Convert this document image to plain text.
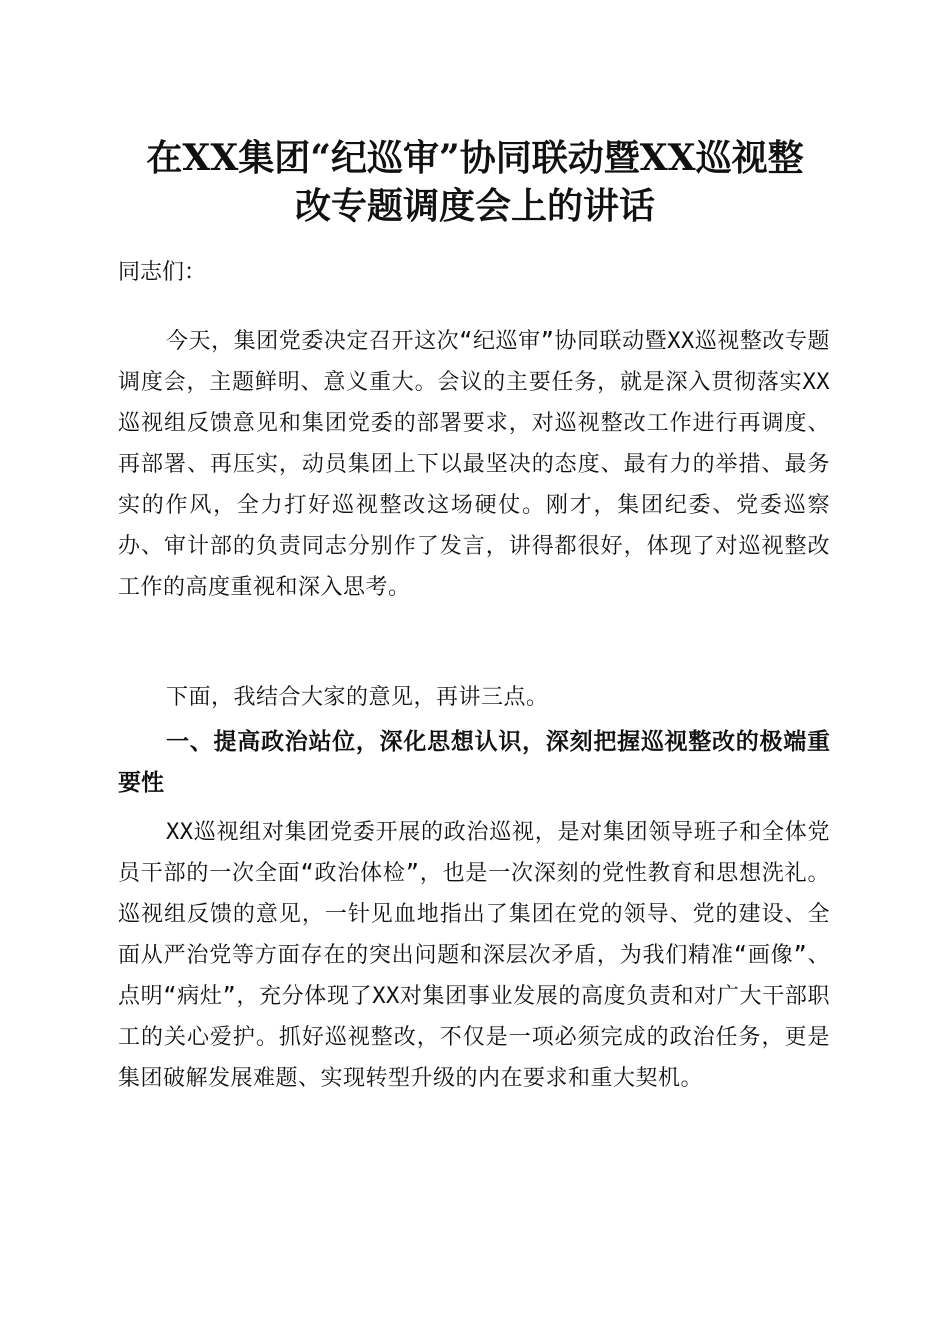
在XX集团“纪巡审”协同联动暨XX巡视整
改专题调度会上的讲话

同志们：

今天，集团党委决定召开这次“纪巡审”协同联动暨XX巡视整改专题调度会，主题鲜明、意义重大。会议的主要任务，就是深入贯彻落实XX巡视组反馈意见和集团党委的部署要求，对巡视整改工作进行再调度、再部署、再压实，动员集团上下以最坚决的态度、最有力的举措、最务实的作风，全力打好巡视整改这场硬仗。刚才，集团纪委、党委巡察办、审计部的负责同志分别作了发言，讲得都很好，体现了对巡视整改工作的高度重视和深入思考。

下面，我结合大家的意见，再讲三点。

一、提高政治站位，深化思想认识，深刻把握巡视整改的极端重要性

XX巡视组对集团党委开展的政治巡视，是对集团领导班子和全体党员干部的一次全面“政治体检”，也是一次深刻的党性教育和思想洗礼。巡视组反馈的意见，一针见血地指出了集团在党的领导、党的建设、全面从严治党等方面存在的突出问题和深层次矛盾，为我们精准“画像”、点明“病灶”，充分体现了XX对集团事业发展的高度负责和对广大干部职工的关心爱护。抓好巡视整改，不仅是一项必须完成的政治任务，更是集团破解发展难题、实现转型升级的内在要求和重大契机。
